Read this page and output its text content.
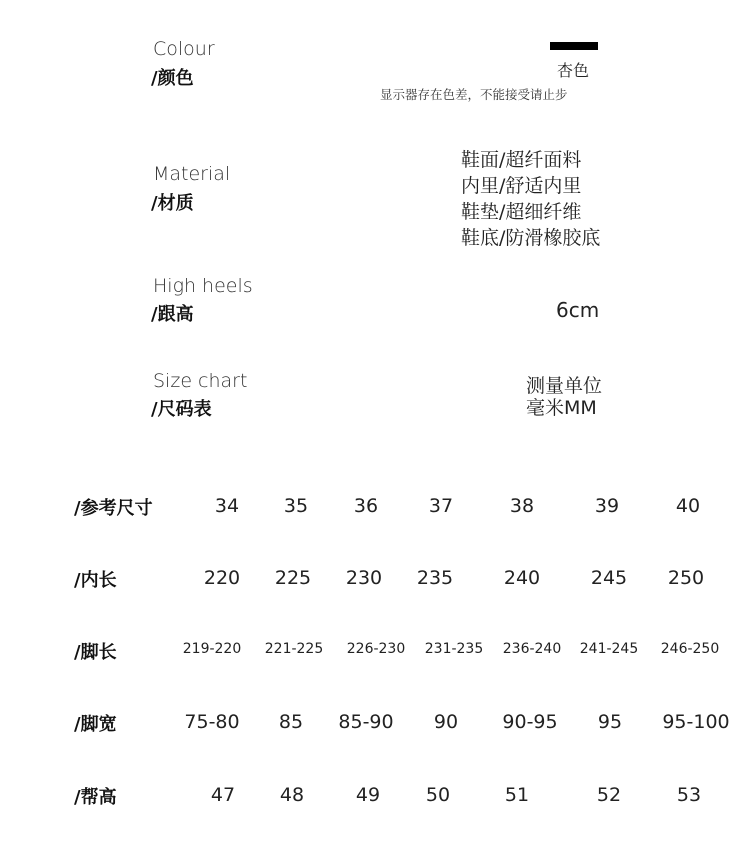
Colour
/颜色	杏色
显示器存在色差，不能接受请止步
Material
/材质
鞋面/超纤面料
内里/舒适内里
鞋垫/超细纤维
鞋底/防滑橡胶底
High heels
/跟高	6cm
Size chart
/尺码表
测量单位
毫米MM
/参考尺寸	34	35	36	37	38	39	40
/内长	220	225	230	235	240	245	250
/脚长	219-220	221-225	226-230	231-235	236-240	241-245	246-250
/脚宽	75-80	85	85-90	90	90-95	95	95-100
/帮高	47	48	49	50	51	52	53
